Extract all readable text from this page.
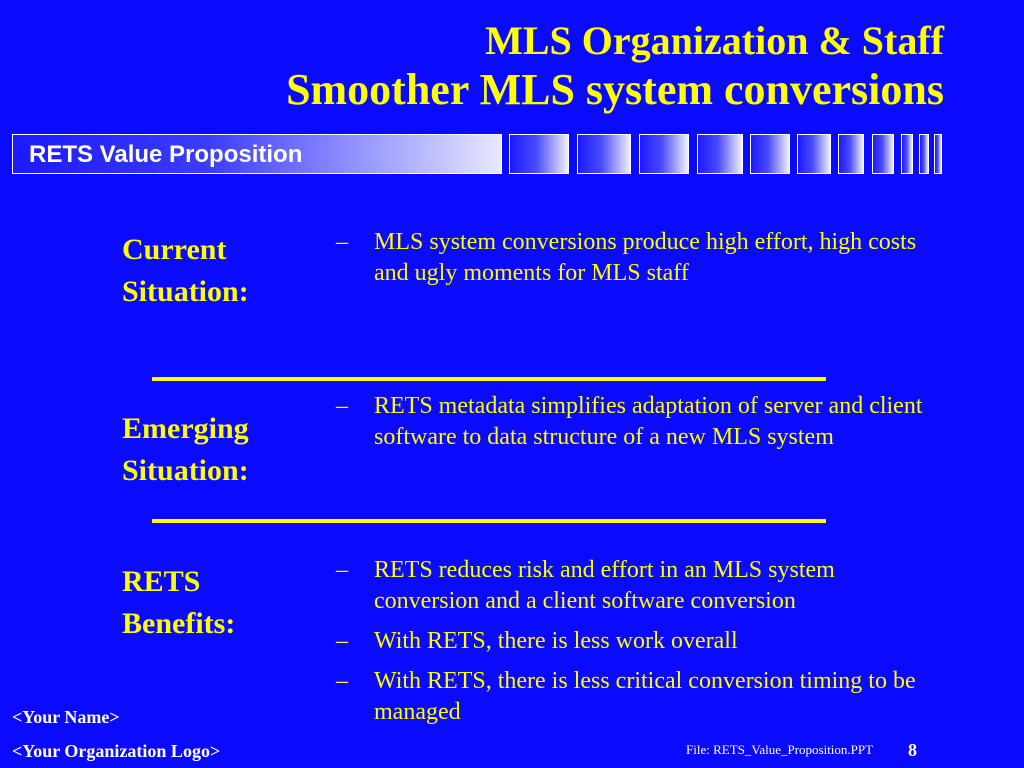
MLS Organization & Staff
Smoother MLS system conversions
RETS Value Proposition
Current
Situation:
–	MLS system conversions produce high effort, high costs and ugly moments for MLS staff
Emerging
Situation:
–	RETS metadata simplifies adaptation of server and client software to data structure of a new MLS system
RETS
Benefits:
–	RETS reduces risk and effort in an MLS system conversion and a client software conversion
–	With RETS, there is less work overall
–	With RETS, there is less critical conversion timing to be managed
<Your Name>
<Your Organization Logo>	File: RETS_Value_Proposition.PPT 8
